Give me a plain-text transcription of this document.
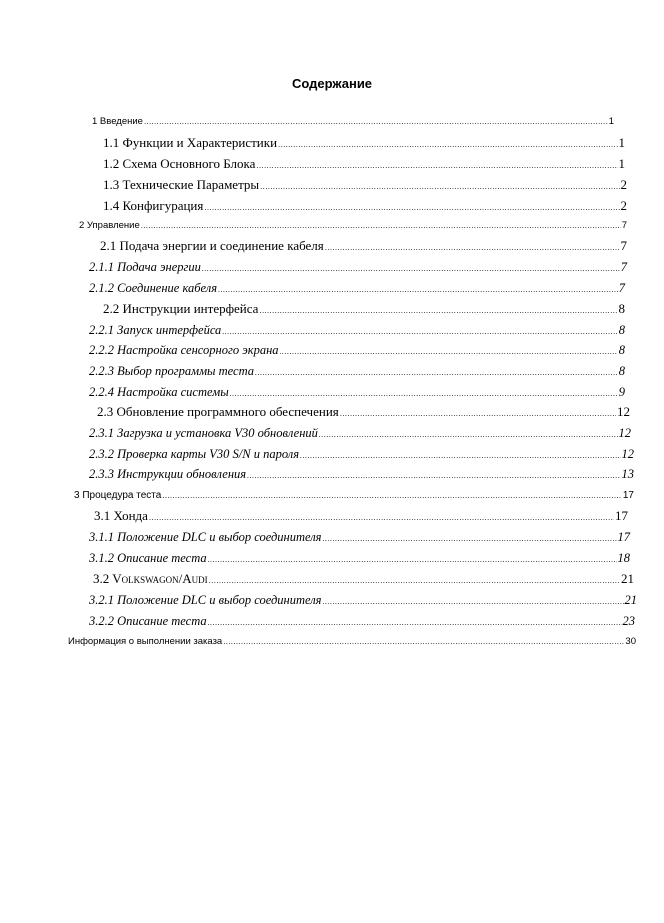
Содержание
1 Введение .....	1
1.1 Функции и Характеристики .....	1
1.2 Схема Основного Блока .....	1
1.3 Технические Параметры .....	2
1.4 Конфигурация .....	2
2 Управление .....	7
2.1 Подача энергии и соединение кабеля .....	7
2.1.1 Подача энергии .....	7
2.1.2 Соединение кабеля .....	7
2.2 Инструкции интерфейса .....	8
2.2.1 Запуск интерфейса .....	8
2.2.2 Настройка сенсорного экрана .....	8
2.2.3 Выбор программы теста .....	8
2.2.4 Настройка системы .....	9
2.3 Обновление программного обеспечения .....	12
2.3.1 Загрузка и установка V30 обновлений .....	12
2.3.2 Проверка карты V30 S/N и пароля .....	12
2.3.3 Инструкции обновления .....	13
3 Процедура теста .....	17
3.1 Хонда .....	17
3.1.1 Положение DLC и выбор соединителя .....	17
3.1.2 Описание теста .....	18
3.2 Volkswagon/Audi .....	21
3.2.1 Положение DLC и выбор соединителя .....	21
3.2.2 Описание теста .....	23
Информация о выполнении заказа .....	30
